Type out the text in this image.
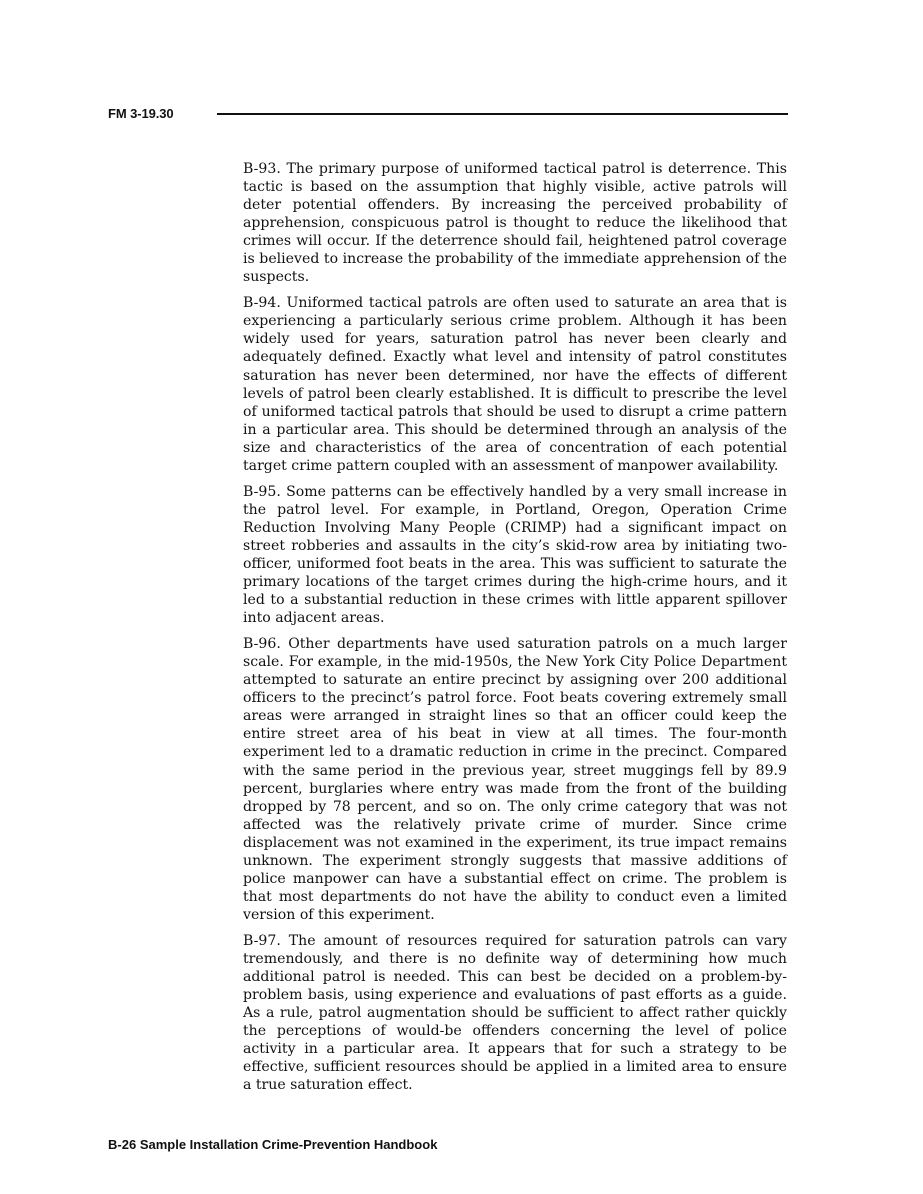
FM 3-19.30

B-93. The primary purpose of uniformed tactical patrol is deterrence. This tactic is based on the assumption that highly visible, active patrols will deter potential offenders. By increasing the perceived probability of apprehension, conspicuous patrol is thought to reduce the likelihood that crimes will occur. If the deterrence should fail, heightened patrol coverage is believed to increase the probability of the immediate apprehension of the suspects.

B-94. Uniformed tactical patrols are often used to saturate an area that is experiencing a particularly serious crime problem. Although it has been widely used for years, saturation patrol has never been clearly and adequately defined. Exactly what level and intensity of patrol constitutes saturation has never been determined, nor have the effects of different levels of patrol been clearly established. It is difficult to prescribe the level of uniformed tactical patrols that should be used to disrupt a crime pattern in a particular area. This should be determined through an analysis of the size and characteristics of the area of concentration of each potential target crime pattern coupled with an assessment of manpower availability.

B-95. Some patterns can be effectively handled by a very small increase in the patrol level. For example, in Portland, Oregon, Operation Crime Reduction Involving Many People (CRIMP) had a significant impact on street robberies and assaults in the city’s skid-row area by initiating two-officer, uniformed foot beats in the area. This was sufficient to saturate the primary locations of the target crimes during the high-crime hours, and it led to a substantial reduction in these crimes with little apparent spillover into adjacent areas.

B-96. Other departments have used saturation patrols on a much larger scale. For example, in the mid-1950s, the New York City Police Department attempted to saturate an entire precinct by assigning over 200 additional officers to the precinct’s patrol force. Foot beats covering extremely small areas were arranged in straight lines so that an officer could keep the entire street area of his beat in view at all times. The four-month experiment led to a dramatic reduction in crime in the precinct. Compared with the same period in the previous year, street muggings fell by 89.9 percent, burglaries where entry was made from the front of the building dropped by 78 percent, and so on. The only crime category that was not affected was the relatively private crime of murder. Since crime displacement was not examined in the experiment, its true impact remains unknown. The experiment strongly suggests that massive additions of police manpower can have a substantial effect on crime. The problem is that most departments do not have the ability to conduct even a limited version of this experiment.

B-97. The amount of resources required for saturation patrols can vary tremendously, and there is no definite way of determining how much additional patrol is needed. This can best be decided on a problem-by-problem basis, using experience and evaluations of past efforts as a guide. As a rule, patrol augmentation should be sufficient to affect rather quickly the perceptions of would-be offenders concerning the level of police activity in a particular area. It appears that for such a strategy to be effective, sufficient resources should be applied in a limited area to ensure a true saturation effect.

B-26 Sample Installation Crime-Prevention Handbook
